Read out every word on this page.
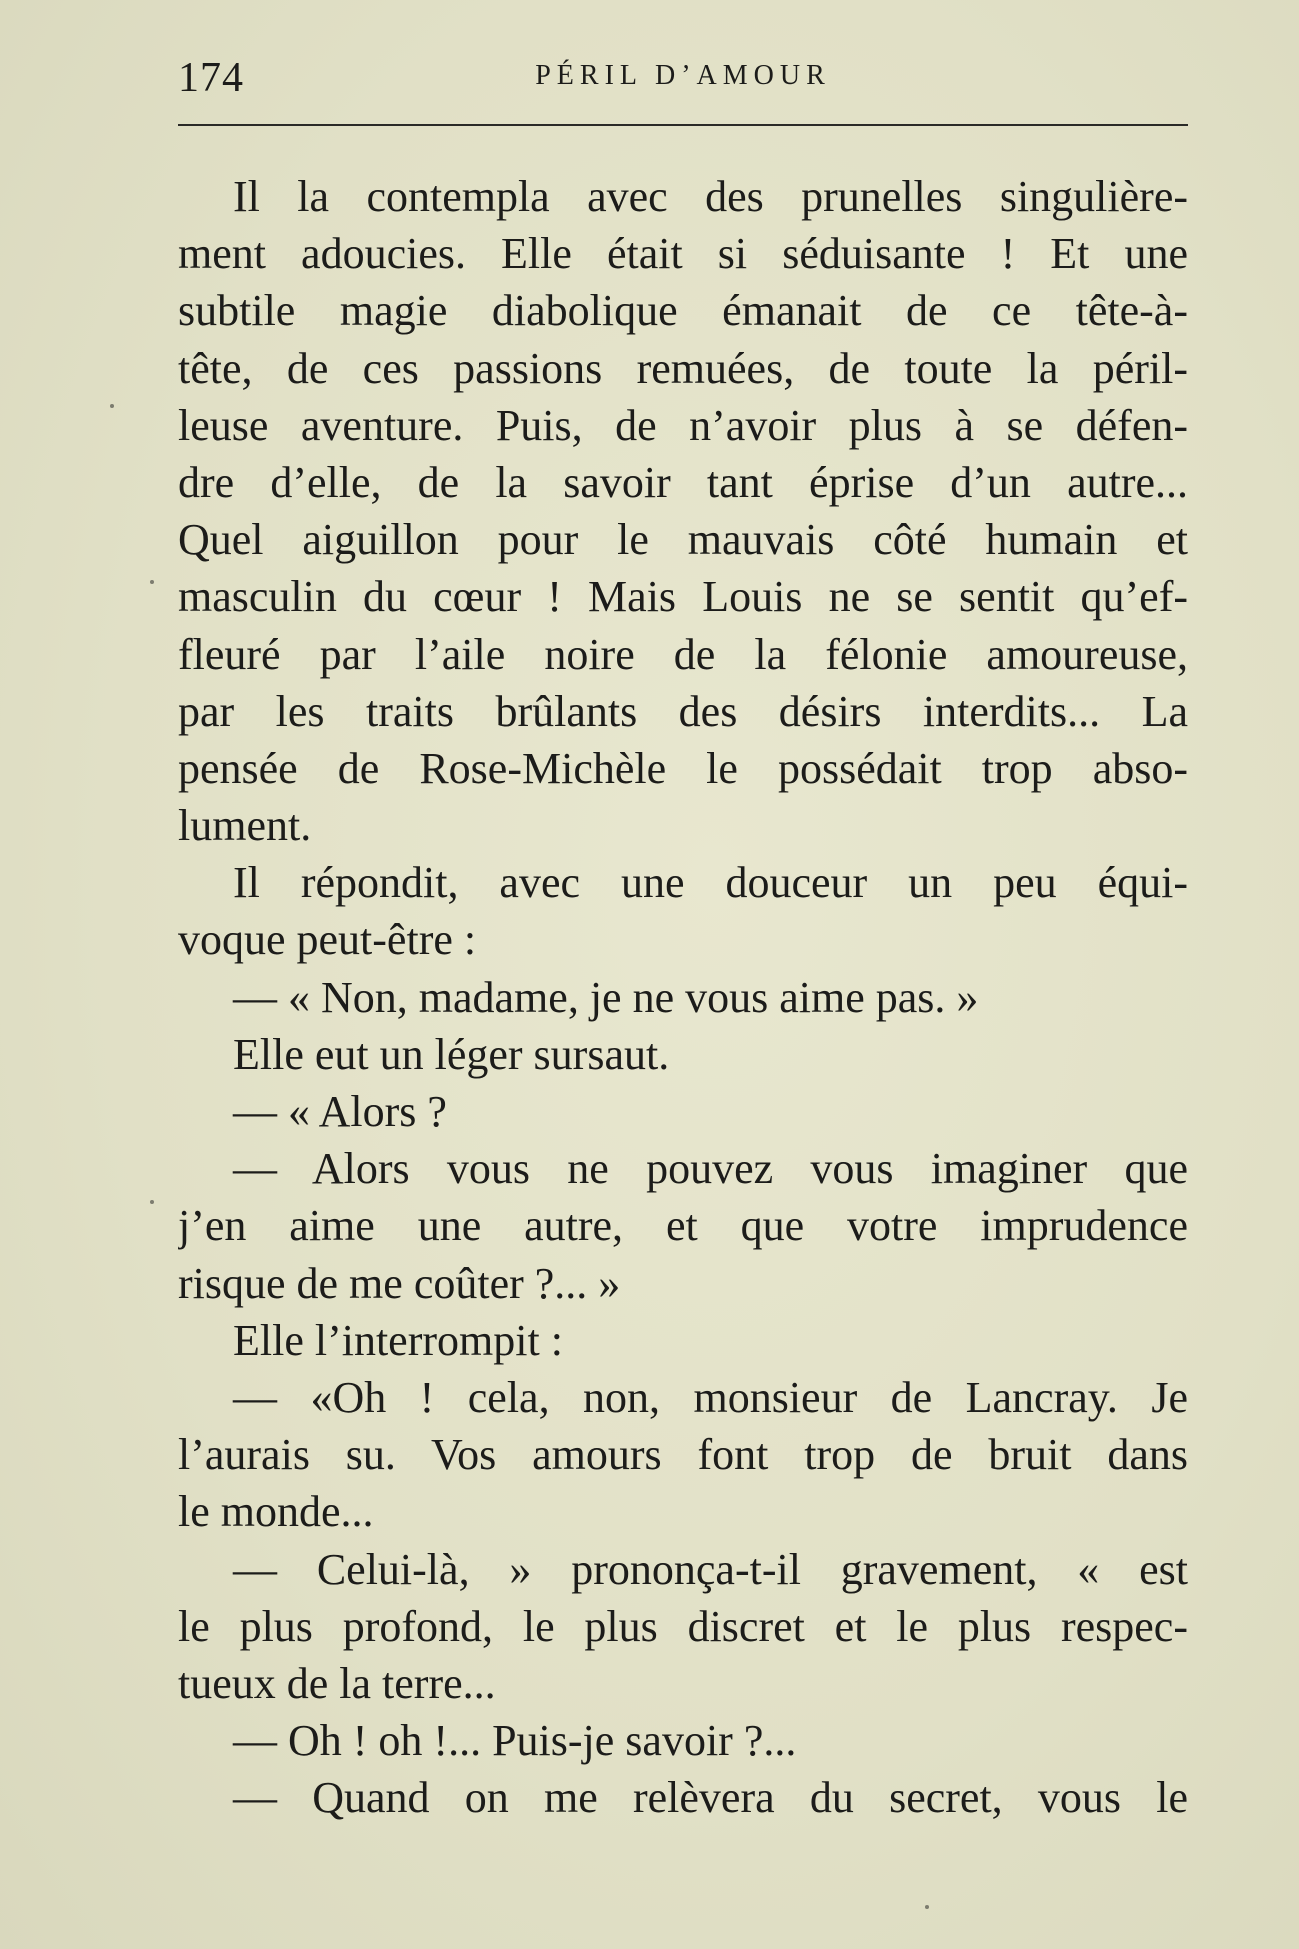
174	PÉRIL D’AMOUR
Il la contempla avec des prunelles singulière-
ment adoucies. Elle était si séduisante ! Et une
subtile magie diabolique émanait de ce tête-à-
tête, de ces passions remuées, de toute la péril-
leuse aventure. Puis, de n’avoir plus à se défen-
dre d’elle, de la savoir tant éprise d’un autre...
Quel aiguillon pour le mauvais côté humain et
masculin du cœur ! Mais Louis ne se sentit qu’ef-
fleuré par l’aile noire de la félonie amoureuse,
par les traits brûlants des désirs interdits... La
pensée de Rose-Michèle le possédait trop abso-
lument.
Il répondit, avec une douceur un peu équi-
voque peut-être :
— « Non, madame, je ne vous aime pas. »
Elle eut un léger sursaut.
— « Alors ?
— Alors vous ne pouvez vous imaginer que
j’en aime une autre, et que votre imprudence
risque de me coûter ?... »
Elle l’interrompit :
— «Oh ! cela, non, monsieur de Lancray. Je
l’aurais su. Vos amours font trop de bruit dans
le monde...
— Celui-là, » prononça-t-il gravement, « est
le plus profond, le plus discret et le plus respec-
tueux de la terre...
— Oh ! oh !... Puis-je savoir ?...
— Quand on me relèvera du secret, vous le
